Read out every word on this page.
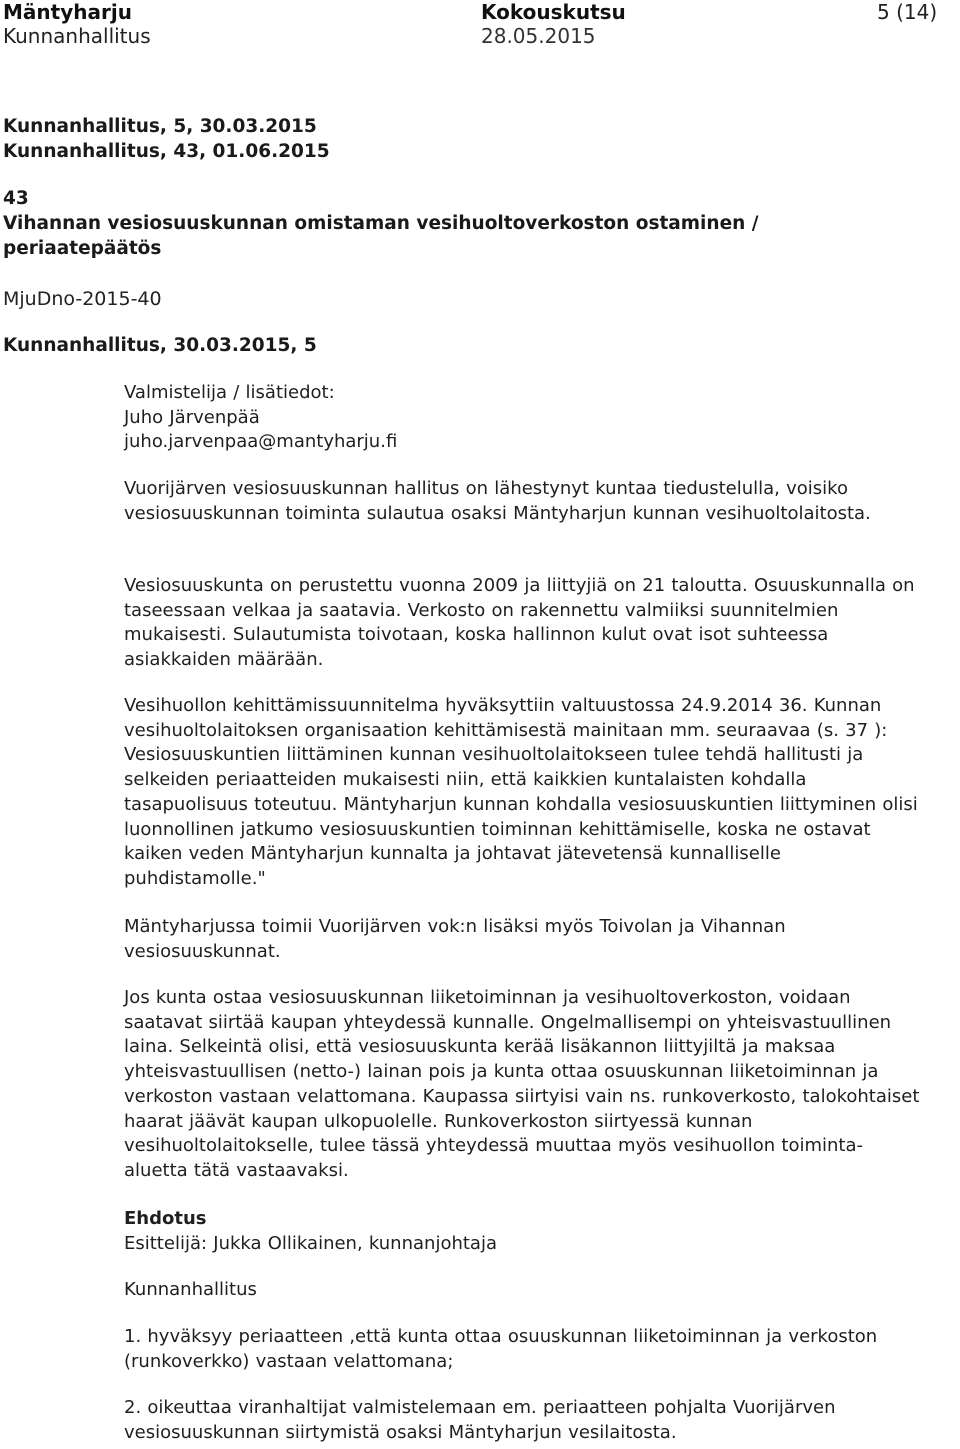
Mäntyharju
Kunnanhallitus
Kokouskutsu
28.05.2015
5 (14)
Kunnanhallitus, 5, 30.03.2015
Kunnanhallitus, 43, 01.06.2015
43
Vihannan vesiosuuskunnan omistaman vesihuoltoverkoston ostaminen / periaatepäätös
MjuDno-2015-40
Kunnanhallitus, 30.03.2015, 5

Valmistelija / lisätiedot:

Juho Järvenpää

juho.jarvenpaa@mantyharju.fi

Vuorijärven vesiosuuskunnan hallitus on lähestynyt kuntaa tiedustelulla, voisiko vesiosuuskunnan toiminta sulautua osaksi Mäntyharjun kunnan vesihuoltolaitosta.
Vesiosuuskunta on perustettu vuonna 2009 ja liittyjiä on 21 taloutta. Osuuskunnalla on taseessaan velkaa ja saatavia. Verkosto on rakennettu valmiiksi suunnitelmien mukaisesti. Sulautumista toivotaan, koska hallinnon kulut ovat isot suhteessa asiakkaiden määrään.
Vesihuollon kehittämissuunnitelma hyväksyttiin valtuustossa 24.9.2014 36. Kunnan vesihuoltolaitoksen organisaation kehittämisestä mainitaan mm. seuraavaa (s. 37 ): Vesiosuuskuntien liittäminen kunnan vesihuoltolaitokseen tulee tehdä hallitusti ja selkeiden periaatteiden mukaisesti niin, että kaikkien kuntalaisten kohdalla tasapuolisuus toteutuu. Mäntyharjun kunnan kohdalla vesiosuuskuntien liittyminen olisi luonnollinen jatkumo vesiosuuskuntien toiminnan kehittämiselle, koska ne ostavat kaiken veden Mäntyharjun kunnalta ja johtavat jätevetensä kunnalliselle puhdistamolle."
Mäntyharjussa toimii Vuorijärven vok:n lisäksi myös Toivolan ja Vihannan vesiosuuskunnat.
Jos kunta ostaa vesiosuuskunnan liiketoiminnan ja vesihuoltoverkoston, voidaan saatavat siirtää kaupan yhteydessä kunnalle. Ongelmallisempi on yhteisvastuullinen laina. Selkeintä olisi, että vesiosuuskunta kerää lisäkannon liittyjiltä ja maksaa yhteisvastuullisen (netto-) lainan pois ja kunta ottaa osuuskunnan liiketoiminnan ja verkoston vastaan velattomana. Kaupassa siirtyisi vain ns. runkoverkosto, talokohtaiset haarat jäävät kaupan ulkopuolelle. Runkoverkoston siirtyessä kunnan vesihuoltolaitokselle, tulee tässä yhteydessä muuttaa myös vesihuollon toiminta-aluetta tätä vastaavaksi.

Ehdotus

Esittelijä: Jukka Ollikainen, kunnanjohtaja

Kunnanhallitus
1. hyväksyy periaatteen ,että kunta ottaa osuuskunnan liiketoiminnan ja verkoston (runkoverkko) vastaan velattomana;
2. oikeuttaa viranhaltijat valmistelemaan em. periaatteen pohjalta Vuorijärven vesiosuuskunnan siirtymistä osaksi Mäntyharjun vesilaitosta.
